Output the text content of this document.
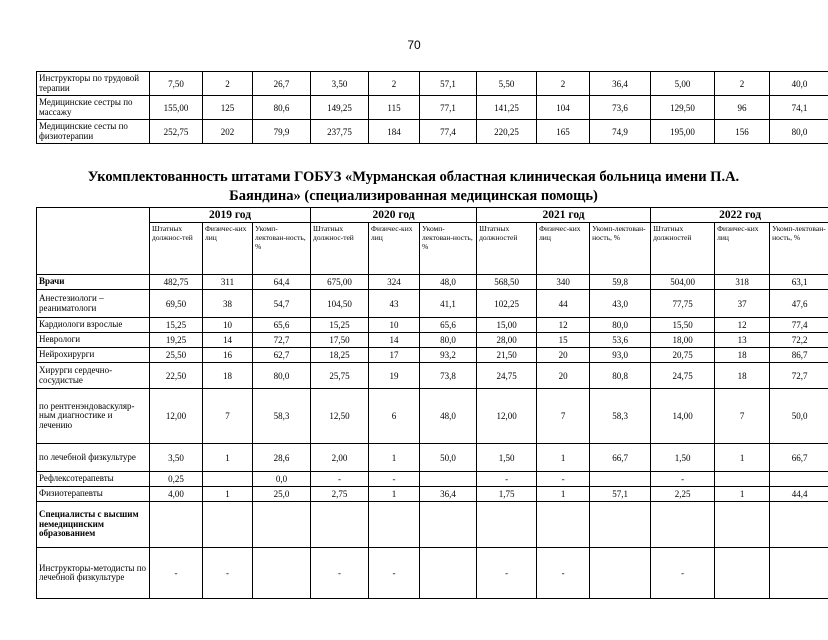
70
Инструкторы по трудовой терапии	7,50	2	26,7	3,50	2	57,1	5,50	2	36,4	5,00	2	40,0
Медицинские сестры по массажу	155,00	125	80,6	149,25	115	77,1	141,25	104	73,6	129,50	96	74,1
Медицинские сесты по физиотерапии	252,75	202	79,9	237,75	184	77,4	220,25	165	74,9	195,00	156	80,0
Укомплектованность штатами ГОБУЗ «Мурманская областная клиническая больница имени П.А.
Баяндина» (специализированная медицинская помощь)
	2019 год			2020 год			2021 год			2022 год		
	Штатных должнос-тей	Физичес-ких лиц	Укомп-лектован-ность, %	Штатных должнос-тей	Физичес-ких лиц	Укомп-лектован-ность, %	Штатных должностей	Физичес-ких лиц	Укомп-лектован-ность, %	Штатных должностей	Физичес-ких лиц	Укомп-лектован-ность, %
Врачи	482,75	311	64,4	675,00	324	48,0	568,50	340	59,8	504,00	318	63,1
Анестезиологи – реаниматологи	69,50	38	54,7	104,50	43	41,1	102,25	44	43,0	77,75	37	47,6
Кардиологи взрослые	15,25	10	65,6	15,25	10	65,6	15,00	12	80,0	15,50	12	77,4
Неврологи	19,25	14	72,7	17,50	14	80,0	28,00	15	53,6	18,00	13	72,2
Нейрохирурги	25,50	16	62,7	18,25	17	93,2	21,50	20	93,0	20,75	18	86,7
Хирурги сердечно-сосудистые	22,50	18	80,0	25,75	19	73,8	24,75	20	80,8	24,75	18	72,7
по рентгенэндоваскуляр-ным диагностике и лечению	12,00	7	58,3	12,50	6	48,0	12,00	7	58,3	14,00	7	50,0
по лечебной физкультуре	3,50	1	28,6	2,00	1	50,0	1,50	1	66,7	1,50	1	66,7
Рефлексотерапевты	0,25		0,0	-	-		-	-		-		
Физиотерапевты	4,00	1	25,0	2,75	1	36,4	1,75	1	57,1	2,25	1	44,4
Специалисты с высшим немедицинским образованием												
Инструкторы-методисты по лечебной физкультуре	-	-		-	-		-	-		-		
